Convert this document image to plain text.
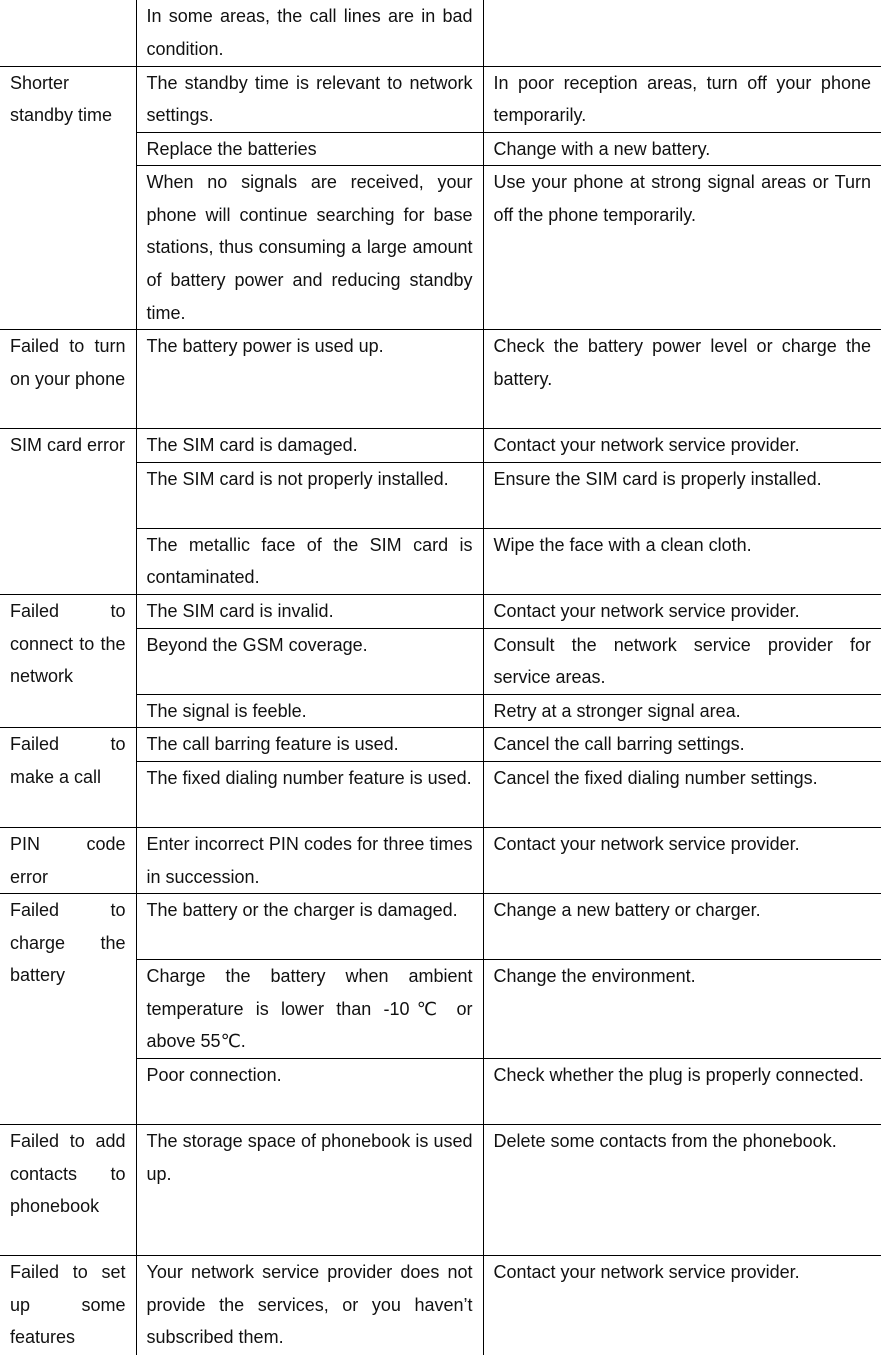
	In some areas, the call lines are in bad condition.	
Shorter standby time	The standby time is relevant to network settings.	In poor reception areas, turn off your phone temporarily.
	Replace the batteries	Change with a new battery.
	When no signals are received, your phone will continue searching for base stations, thus consuming a large amount of battery power and reducing standby time.	Use your phone at strong signal areas or Turn off the phone temporarily.
Failed to turn on your phone	The battery power is used up.	Check the battery power level or charge the battery.
SIM card error	The SIM card is damaged.	Contact your network service provider.
	The SIM card is not properly installed.	Ensure the SIM card is properly installed.
	The metallic face of the SIM card is contaminated.	Wipe the face with a clean cloth.
Failed to connect to the network	The SIM card is invalid.	Contact your network service provider.
	Beyond the GSM coverage.	Consult the network service provider for service areas.
	The signal is feeble.	Retry at a stronger signal area.
Failed to make a call	The call barring feature is used.	Cancel the call barring settings.
	The fixed dialing number feature is used.	Cancel the fixed dialing number settings.
PIN code error	Enter incorrect PIN codes for three times in succession.	Contact your network service provider.
Failed to charge the battery	The battery or the charger is damaged.	Change a new battery or charger.
	Charge the battery when ambient temperature is lower than -10℃ or above 55℃.	Change the environment.
	Poor connection.	Check whether the plug is properly connected.
Failed to add contacts to phonebook	The storage space of phonebook is used up.	Delete some contacts from the phonebook.
Failed to set up some features	Your network service provider does not provide the services, or you haven’t subscribed them.	Contact your network service provider.
